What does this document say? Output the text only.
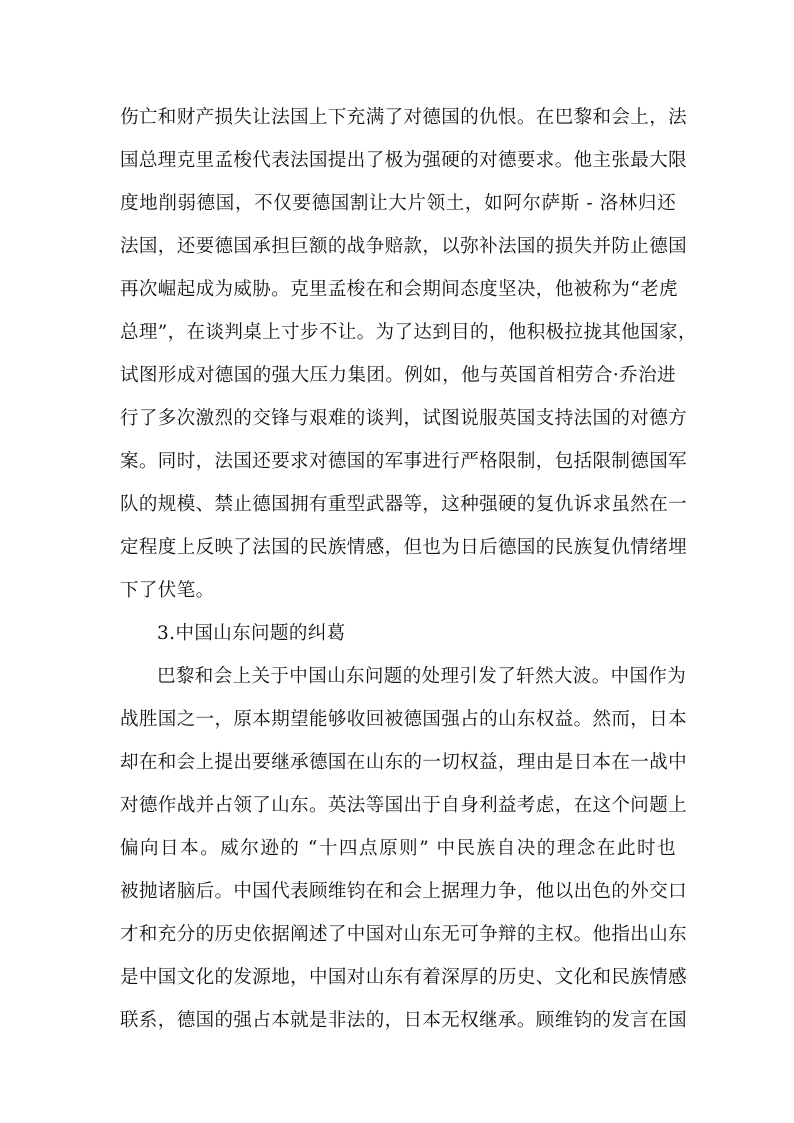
伤亡和财产损失让法国上下充满了对德国的仇恨。在巴黎和会上，法
国总理克里孟梭代表法国提出了极为强硬的对德要求。他主张最大限
度地削弱德国，不仅要德国割让大片领土，如阿尔萨斯 - 洛林归还
法国，还要德国承担巨额的战争赔款，以弥补法国的损失并防止德国
再次崛起成为威胁。克里孟梭在和会期间态度坚决，他被称为“老虎
总理”，在谈判桌上寸步不让。为了达到目的，他积极拉拢其他国家，
试图形成对德国的强大压力集团。例如，他与英国首相劳合·乔治进
行了多次激烈的交锋与艰难的谈判，试图说服英国支持法国的对德方
案。同时，法国还要求对德国的军事进行严格限制，包括限制德国军
队的规模、禁止德国拥有重型武器等，这种强硬的复仇诉求虽然在一
定程度上反映了法国的民族情感，但也为日后德国的民族复仇情绪埋
下了伏笔。
3.中国山东问题的纠葛
巴黎和会上关于中国山东问题的处理引发了轩然大波。中国作为
战胜国之一，原本期望能够收回被德国强占的山东权益。然而，日本
却在和会上提出要继承德国在山东的一切权益，理由是日本在一战中
对德作战并占领了山东。英法等国出于自身利益考虑，在这个问题上
偏向日本。威尔逊的 “十四点原则” 中民族自决的理念在此时也
被抛诸脑后。中国代表顾维钧在和会上据理力争，他以出色的外交口
才和充分的历史依据阐述了中国对山东无可争辩的主权。他指出山东
是中国文化的发源地，中国对山东有着深厚的历史、文化和民族情感
联系，德国的强占本就是非法的，日本无权继承。顾维钧的发言在国
